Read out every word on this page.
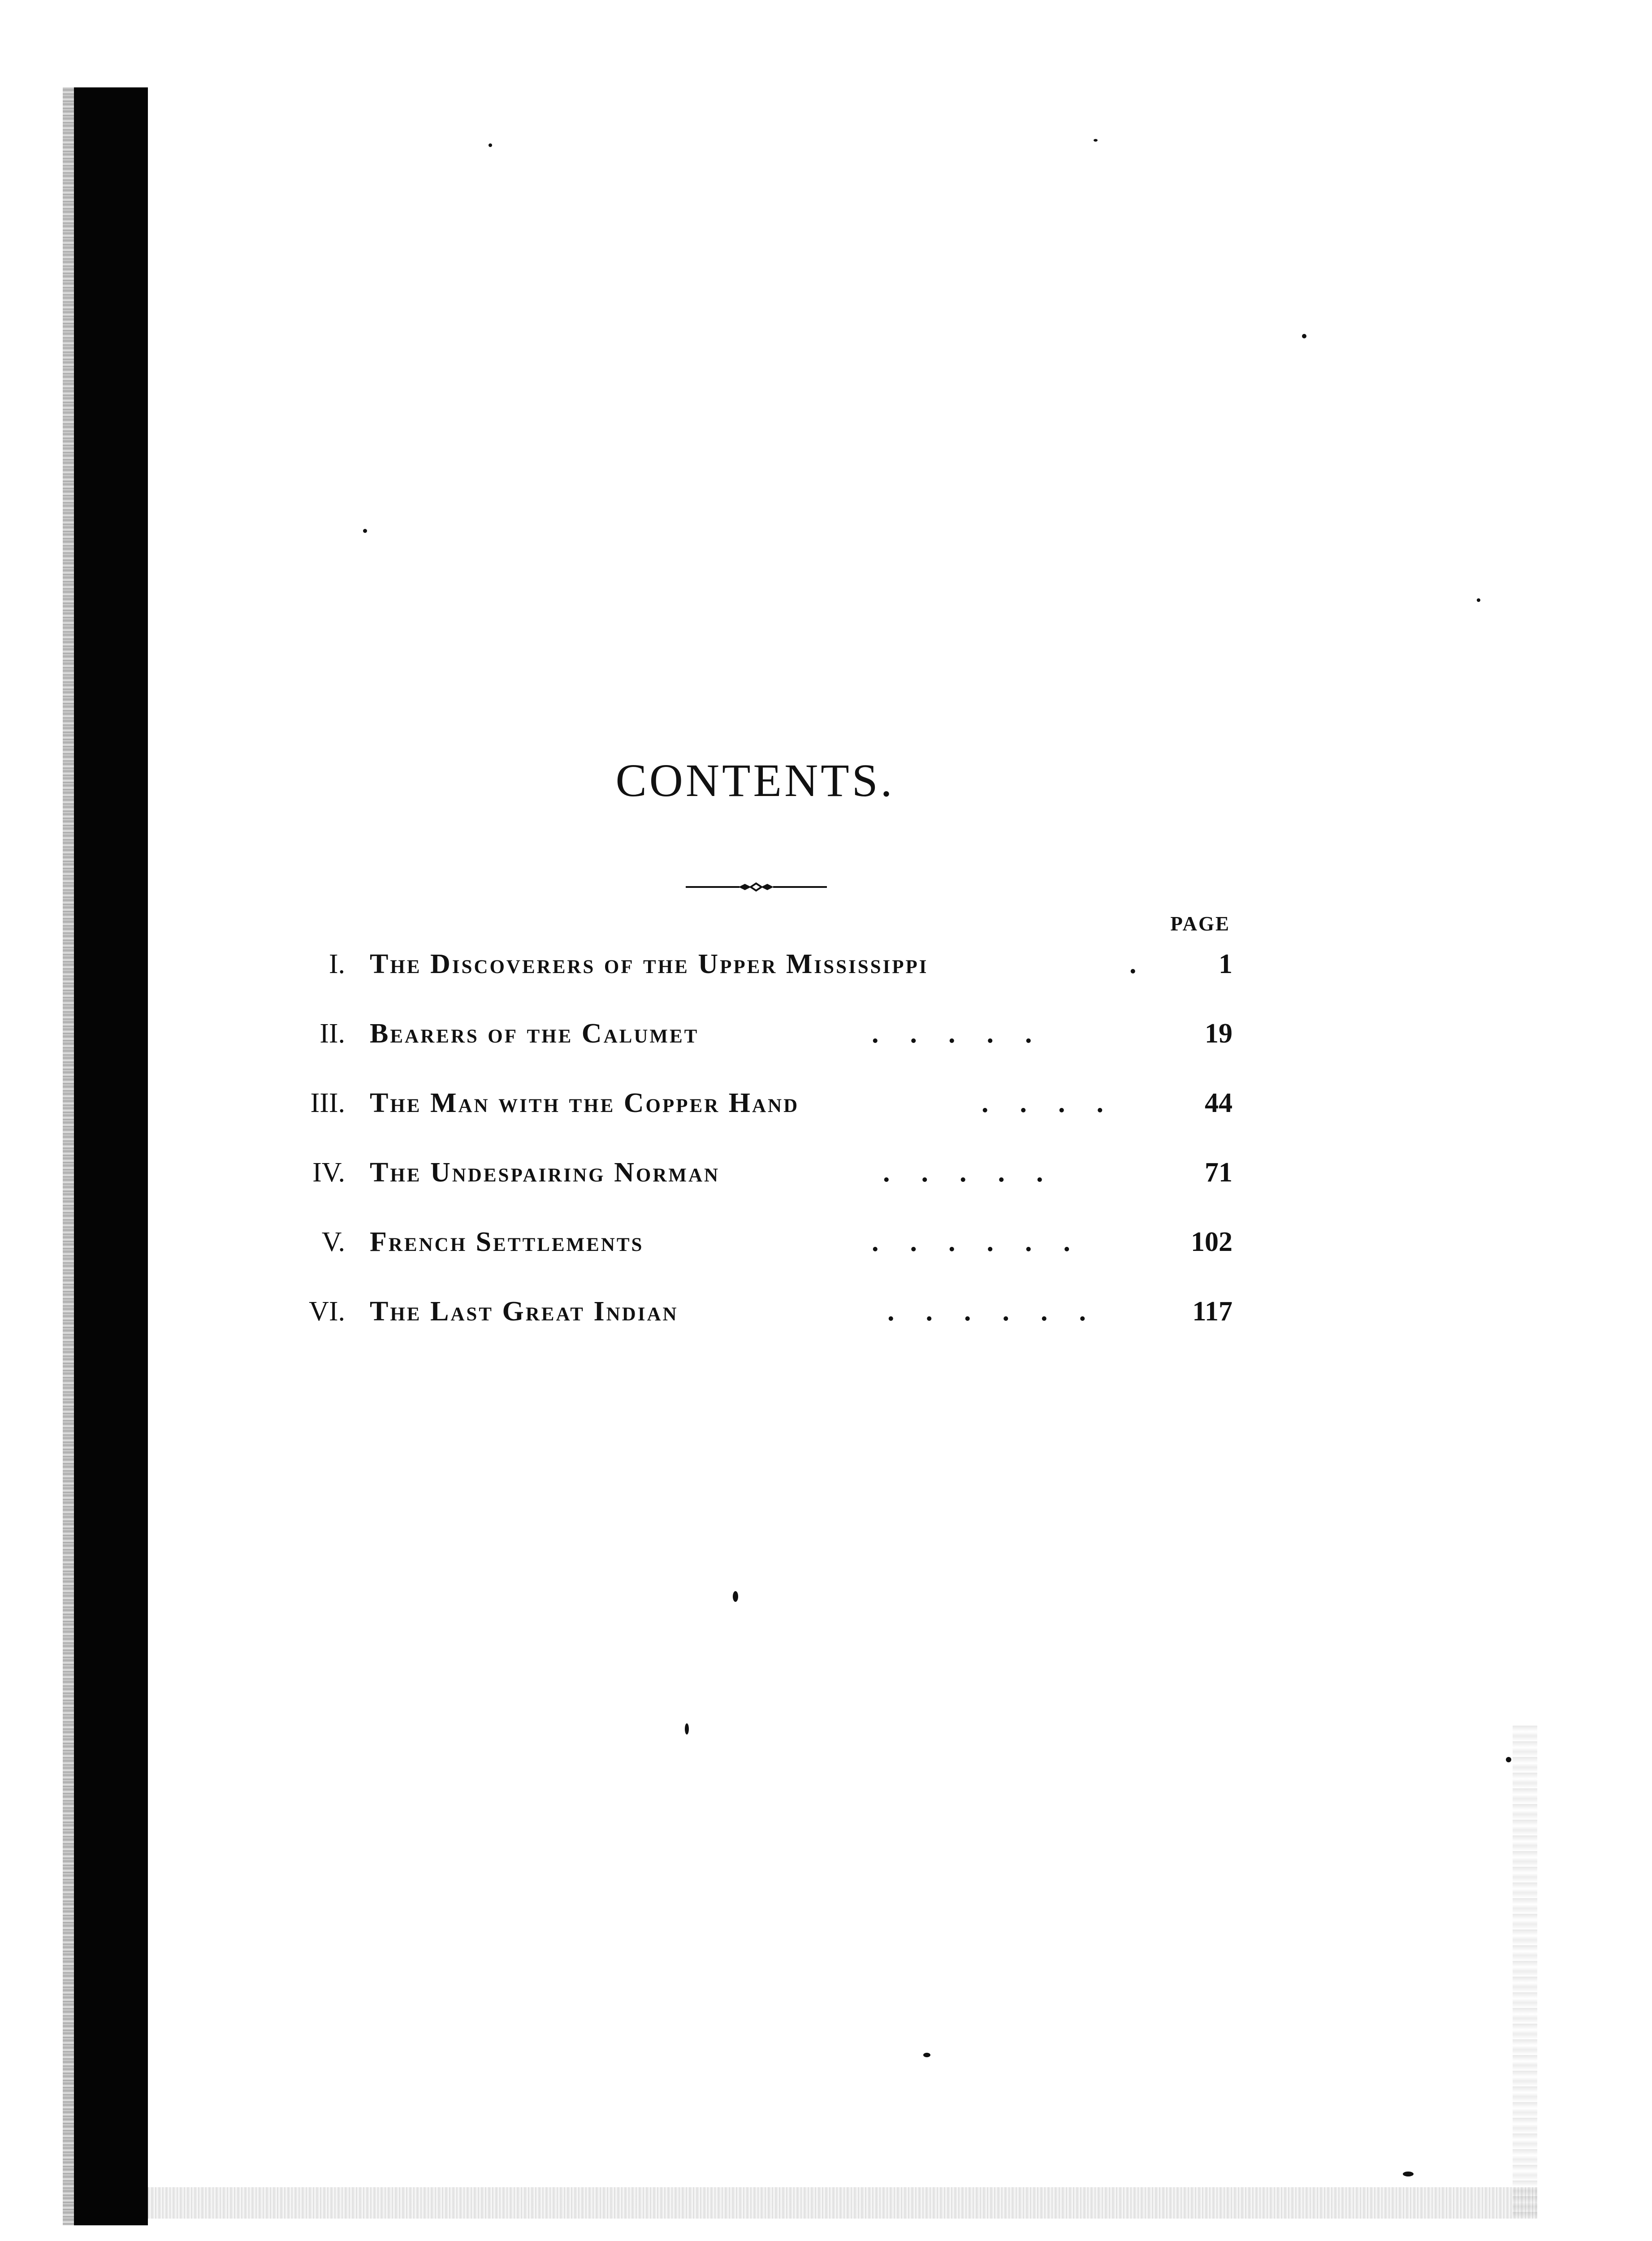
CONTENTS.
PAGE
I. The Discoverers of the Upper Mississippi	.	1
II. Bearers of the Calumet	.....	19
III. The Man with the Copper Hand	....	44
IV. The Undespairing Norman	.....	71
V. French Settlements	......	102
VI. The Last Great Indian	......	117
